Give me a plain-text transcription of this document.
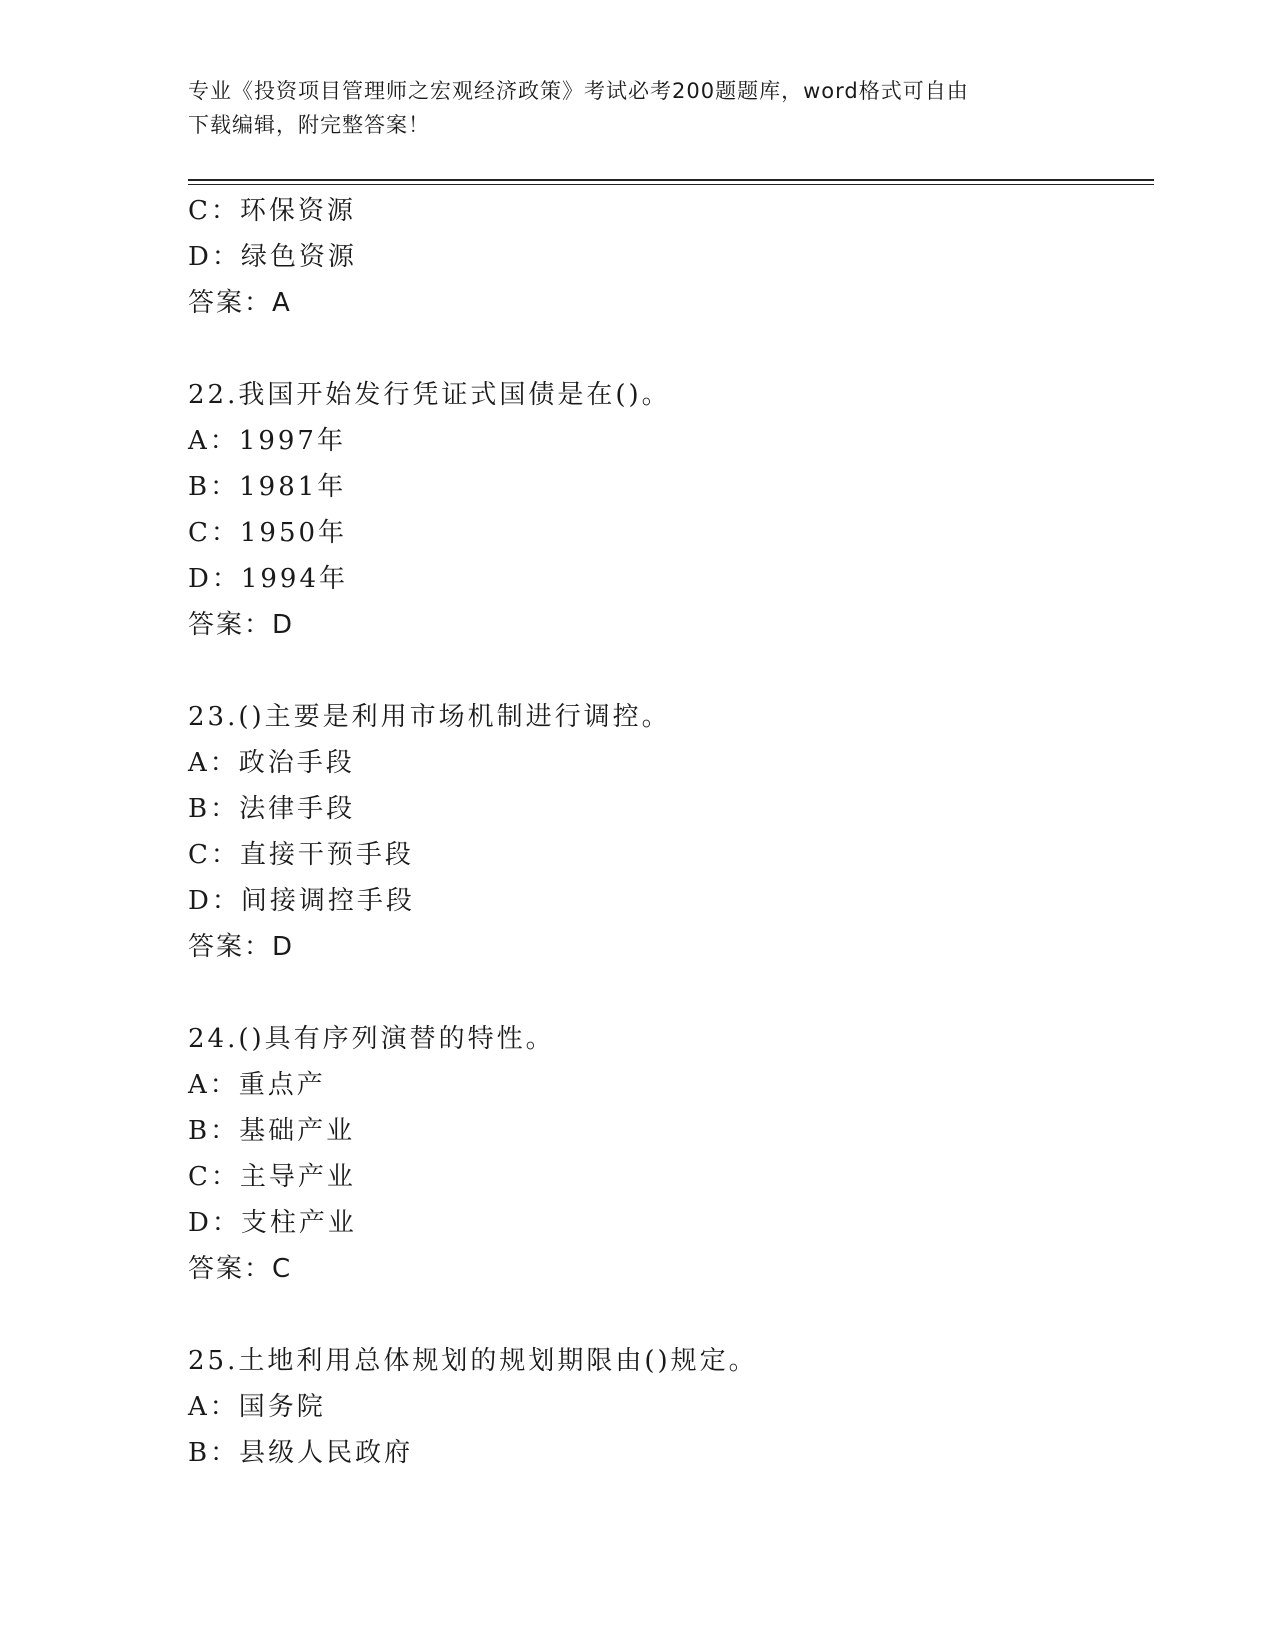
专业《投资项目管理师之宏观经济政策》考试必考200题题库，word格式可自由
下载编辑，附完整答案！
C：环保资源
D：绿色资源
答案：A
22.我国开始发行凭证式国债是在()。
A：1997年
B：1981年
C：1950年
D：1994年
答案：D
23.()主要是利用市场机制进行调控。
A：政治手段
B：法律手段
C：直接干预手段
D：间接调控手段
答案：D
24.()具有序列演替的特性。
A：重点产
B：基础产业
C：主导产业
D：支柱产业
答案：C
25.土地利用总体规划的规划期限由()规定。
A：国务院
B：县级人民政府
